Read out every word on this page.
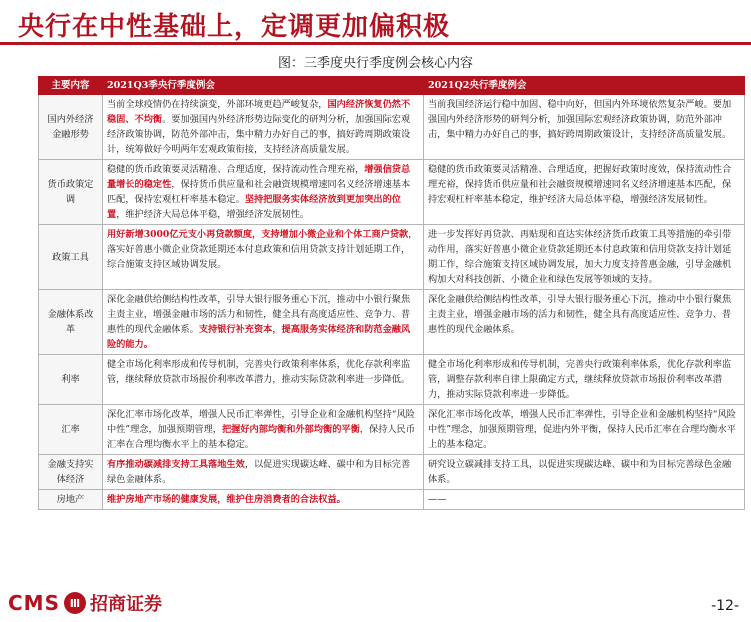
央行在中性基础上，定调更加偏积极
图：三季度央行季度例会核心内容
主要内容	2021Q3季央行季度例会	2021Q2央行季度例会
国内外经济金融形势	当前全球疫情仍在持续演变，外部环境更趋严峻复杂，国内经济恢复仍然不稳固、不均衡。要加强国内外经济形势边际变化的研判分析，加强国际宏观经济政策协调，防范外部冲击，集中精力办好自己的事，搞好跨周期政策设计，统筹做好今明两年宏观政策衔接，支持经济高质量发展。	当前我国经济运行稳中加固、稳中向好，但国内外环境依然复杂严峻。要加强国内外经济形势的研判分析，加强国际宏观经济政策协调，防范外部冲击，集中精力办好自己的事，搞好跨周期政策设计，支持经济高质量发展。
货币政策定调	稳健的货币政策要灵活精准、合理适度，保持流动性合理充裕，增强信贷总量增长的稳定性，保持货币供应量和社会融资规模增速同名义经济增速基本匹配，保持宏观杠杆率基本稳定。坚持把服务实体经济放到更加突出的位置，维护经济大局总体平稳，增强经济发展韧性。	稳健的货币政策要灵活精准、合理适度，把握好政策时度效，保持流动性合理充裕，保持货币供应量和社会融资规模增速同名义经济增速基本匹配，保持宏观杠杆率基本稳定，维护经济大局总体平稳，增强经济发展韧性。
政策工具	用好新增3000亿元支小再贷款额度，支持增加小微企业和个体工商户贷款，落实好普惠小微企业贷款延期还本付息政策和信用贷款支持计划延期工作，综合施策支持区域协调发展。	进一步发挥好再贷款、再贴现和直达实体经济货币政策工具等措施的牵引带动作用，落实好普惠小微企业贷款延期还本付息政策和信用贷款支持计划延期工作，综合施策支持区域协调发展，加大力度支持普惠金融，引导金融机构加大对科技创新、小微企业和绿色发展等领域的支持。
金融体系改革	深化金融供给侧结构性改革，引导大银行服务重心下沉，推动中小银行聚焦主责主业，增强金融市场的活力和韧性，健全具有高度适应性、竞争力、普惠性的现代金融体系。支持银行补充资本，提高服务实体经济和防范金融风险的能力。	深化金融供给侧结构性改革，引导大银行服务重心下沉，推动中小银行聚焦主责主业，增强金融市场的活力和韧性，健全具有高度适应性、竞争力、普惠性的现代金融体系。
利率	健全市场化利率形成和传导机制，完善央行政策利率体系，优化存款利率监管，继续释放贷款市场报价利率改革潜力，推动实际贷款利率进一步降低。	健全市场化利率形成和传导机制，完善央行政策利率体系，优化存款利率监管，调整存款利率自律上限确定方式，继续释放贷款市场报价利率改革潜力，推动实际贷款利率进一步降低。
汇率	深化汇率市场化改革，增强人民币汇率弹性，引导企业和金融机构坚持“风险中性”理念，加强预期管理，把握好内部均衡和外部均衡的平衡，保持人民币汇率在合理均衡水平上的基本稳定。	深化汇率市场化改革，增强人民币汇率弹性，引导企业和金融机构坚持“风险中性”理念，加强预期管理，促进内外平衡，保持人民币汇率在合理均衡水平上的基本稳定。
金融支持实体经济	有序推动碳减排支持工具落地生效，以促进实现碳达峰、碳中和为目标完善绿色金融体系。	研究设立碳减排支持工具，以促进实现碳达峰、碳中和为目标完善绿色金融体系。
房地产	维护房地产市场的健康发展，维护住房消费者的合法权益。	——
CMS Ⅲ 招商证券	-12-
